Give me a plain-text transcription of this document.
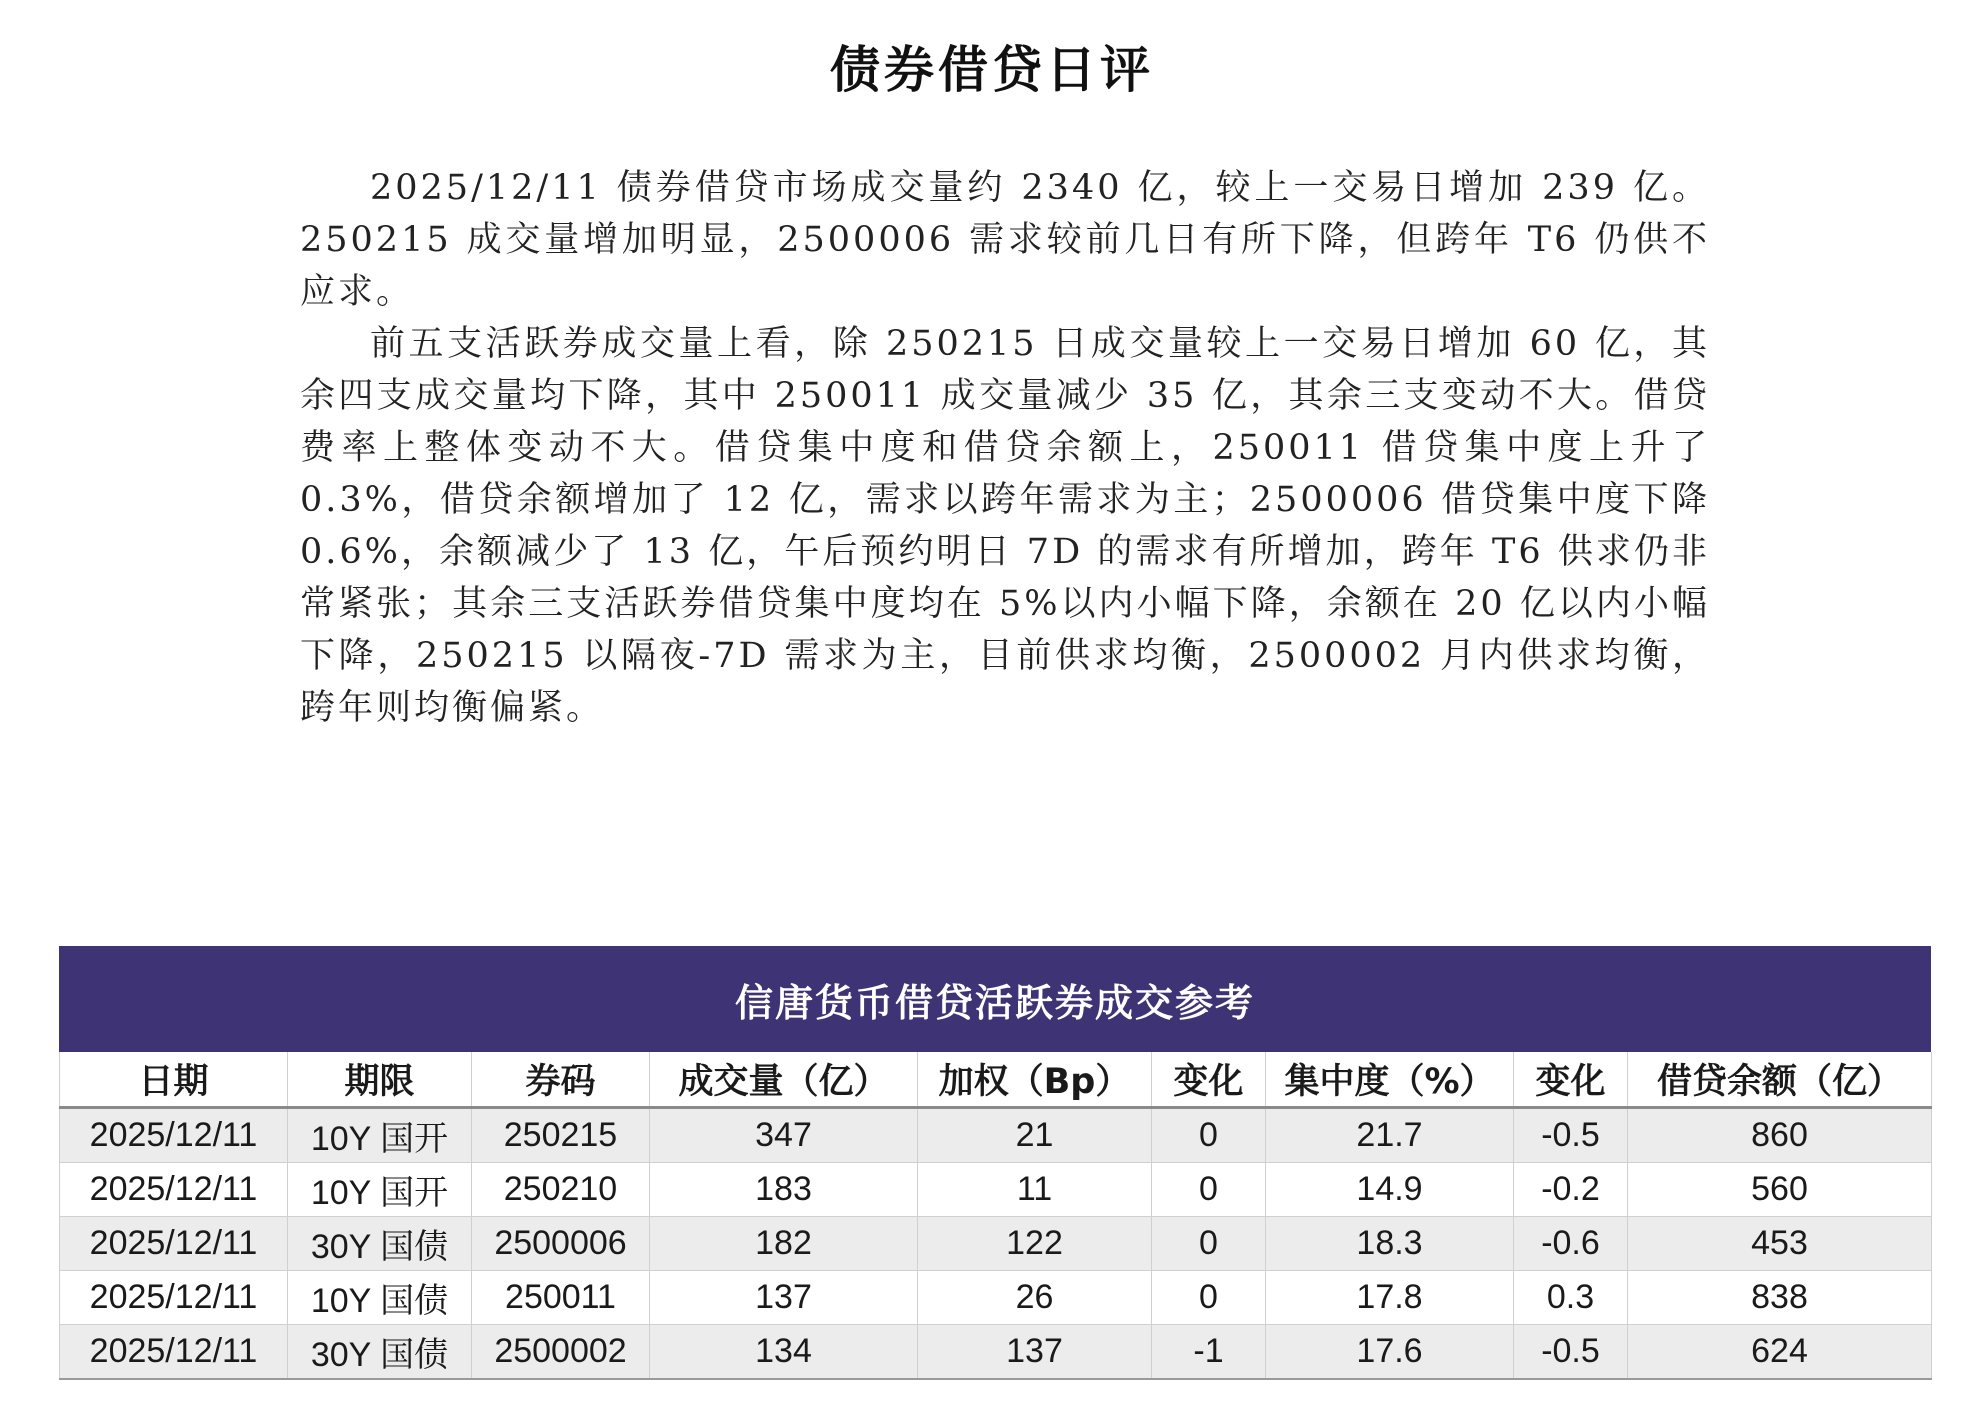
债券借贷日评

2025/12/11 债券借贷市场成交量约 2340 亿，较上一交易日增加 239 亿。250215 成交量增加明显，2500006 需求较前几日有所下降，但跨年 T6 仍供不应求。

前五支活跃券成交量上看，除 250215 日成交量较上一交易日增加 60 亿，其余四支成交量均下降，其中 250011 成交量减少 35 亿，其余三支变动不大。借贷费率上整体变动不大。借贷集中度和借贷余额上，250011 借贷集中度上升了 0.3%，借贷余额增加了 12 亿，需求以跨年需求为主；2500006 借贷集中度下降 0.6%，余额减少了 13 亿，午后预约明日 7D 的需求有所增加，跨年 T6 供求仍非常紧张；其余三支活跃券借贷集中度均在 5%以内小幅下降，余额在 20 亿以内小幅下降，250215 以隔夜-7D 需求为主，目前供求均衡，2500002 月内供求均衡，跨年则均衡偏紧。

信唐货币借贷活跃券成交参考
日期	期限	券码	成交量（亿）	加权（Bp）	变化	集中度（%）	变化	借贷余额（亿）
2025/12/11	10Y 国开	250215	347	21	0	21.7	-0.5	860
2025/12/11	10Y 国开	250210	183	11	0	14.9	-0.2	560
2025/12/11	30Y 国债	2500006	182	122	0	18.3	-0.6	453
2025/12/11	10Y 国债	250011	137	26	0	17.8	0.3	838
2025/12/11	30Y 国债	2500002	134	137	-1	17.6	-0.5	624
